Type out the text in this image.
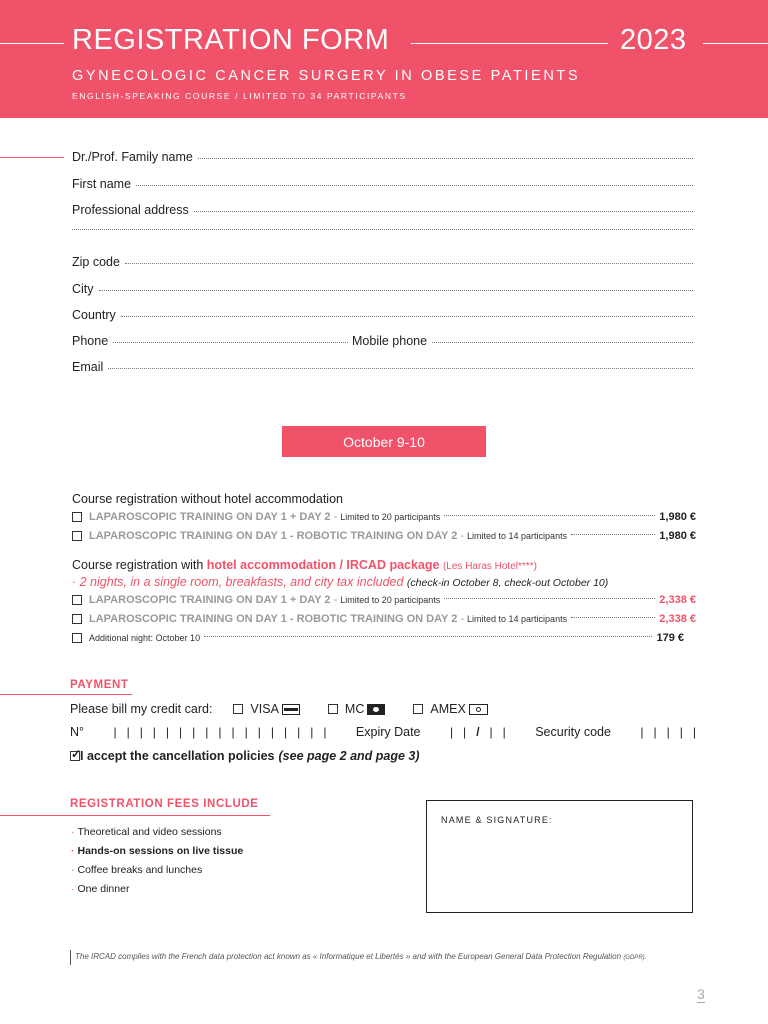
REGISTRATION FORM	2023
GYNECOLOGIC CANCER SURGERY IN OBESE PATIENTS
ENGLISH-SPEAKING COURSE / LIMITED TO 34 PARTICIPANTS
Dr./Prof. Family name
First name
Professional address
Zip code
City
Country
Phone	Mobile phone
Email
October 9-10
Course registration without hotel accommodation
LAPAROSCOPIC TRAINING ON DAY 1 + DAY 2 - Limited to 20 participants	1,980 €
LAPAROSCOPIC TRAINING ON DAY 1 - ROBOTIC TRAINING ON DAY 2 - Limited to 14 participants	1,980 €
Course registration with hotel accommodation / IRCAD package (Les Haras Hotel****)
· 2 nights, in a single room, breakfasts, and city tax included (check-in October 8, check-out October 10)
LAPAROSCOPIC TRAINING ON DAY 1 + DAY 2 - Limited to 20 participants	2,338 €
LAPAROSCOPIC TRAINING ON DAY 1 - ROBOTIC TRAINING ON DAY 2 - Limited to 14 participants	2,338 €
Additional night: October 10	179 €
PAYMENT
Please bill my credit card:	VISA	MC	AMEX
N° |   |   |   |   |   |   |   |   |   |   |   |   |   |   |   |   | Expiry Date |   |   /   |   | Security code |   |   |   |   |
✓
I accept the cancellation policies (see page 2 and page 3)
REGISTRATION FEES INCLUDE
· Theoretical and video sessions
· Hands-on sessions on live tissue
· Coffee breaks and lunches
· One dinner
NAME & SIGNATURE:
The IRCAD complies with the French data protection act known as « Informatique et Libertés » and with the European General Data Protection Regulation (GDPR).
3
